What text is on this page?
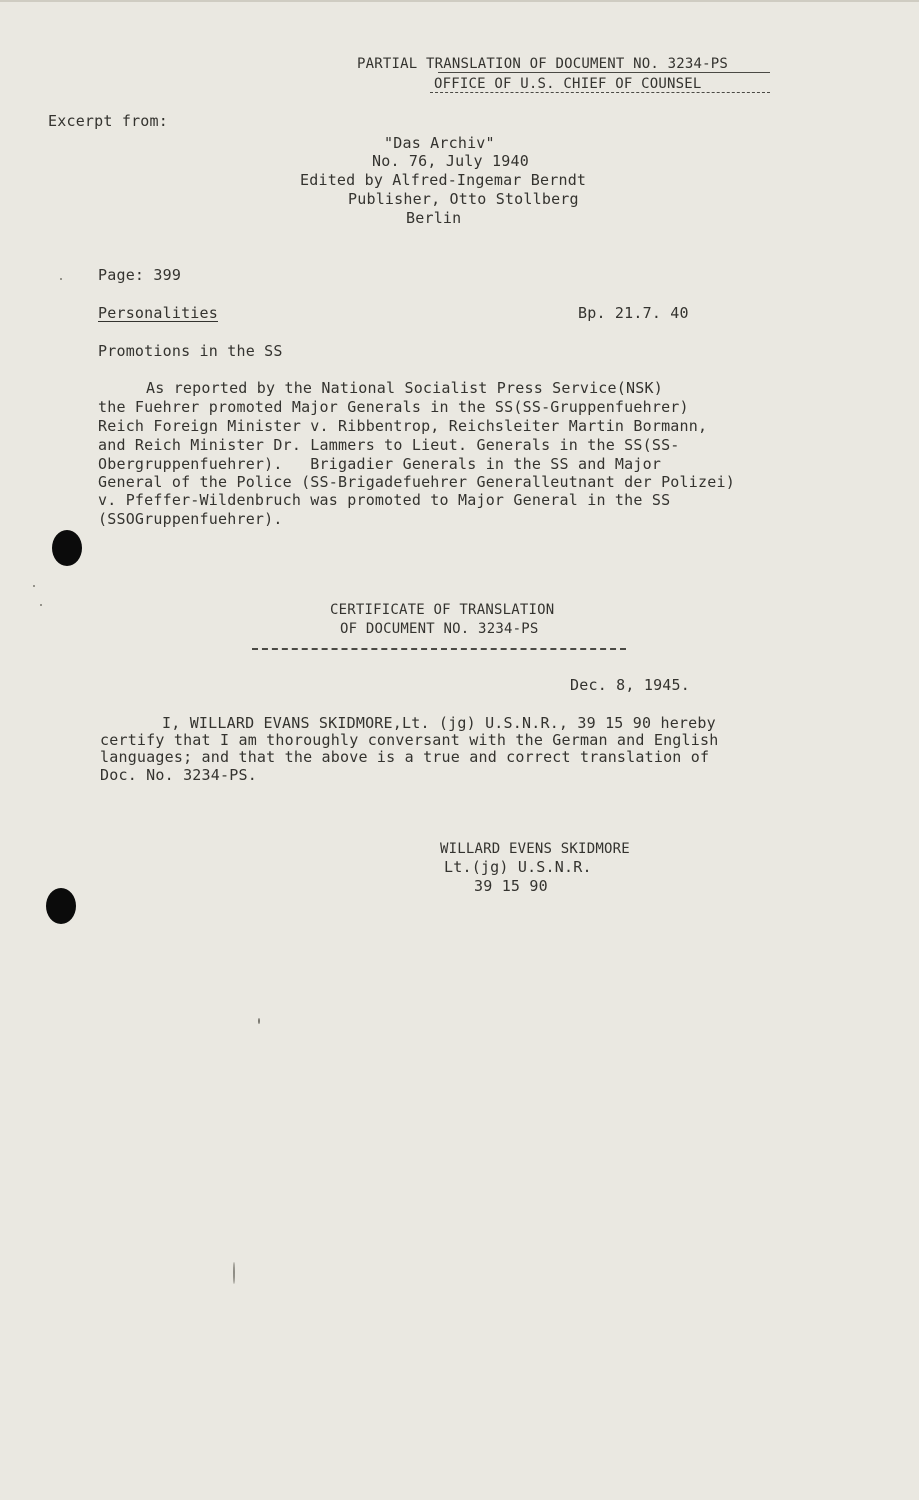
PARTIAL TRANSLATION OF DOCUMENT NO. 3234-PS
OFFICE OF U.S. CHIEF OF COUNSEL
Excerpt from:
"Das Archiv"
No. 76, July 1940
Edited by Alfred-Ingemar Berndt
Publisher, Otto Stollberg
Berlin
Page: 399
Personalities	Bp. 21.7. 40
Promotions in the SS
As reported by the National Socialist Press Service(NSK)
the Fuehrer promoted Major Generals in the SS(SS-Gruppenfuehrer)
Reich Foreign Minister v. Ribbentrop, Reichsleiter Martin Bormann,
and Reich Minister Dr. Lammers to Lieut. Generals in the SS(SS-
Obergruppenfuehrer).   Brigadier Generals in the SS and Major
General of the Police (SS-Brigadefuehrer Generalleutnant der Polizei)
v. Pfeffer-Wildenbruch was promoted to Major General in the SS
(SSOGruppenfuehrer).
CERTIFICATE OF TRANSLATION
OF DOCUMENT NO. 3234-PS
Dec. 8, 1945.
I, WILLARD EVANS SKIDMORE,Lt. (jg) U.S.N.R., 39 15 90 hereby
certify that I am thoroughly conversant with the German and English
languages; and that the above is a true and correct translation of
Doc. No. 3234-PS.
WILLARD EVENS SKIDMORE
Lt.(jg) U.S.N.R.
39 15 90
